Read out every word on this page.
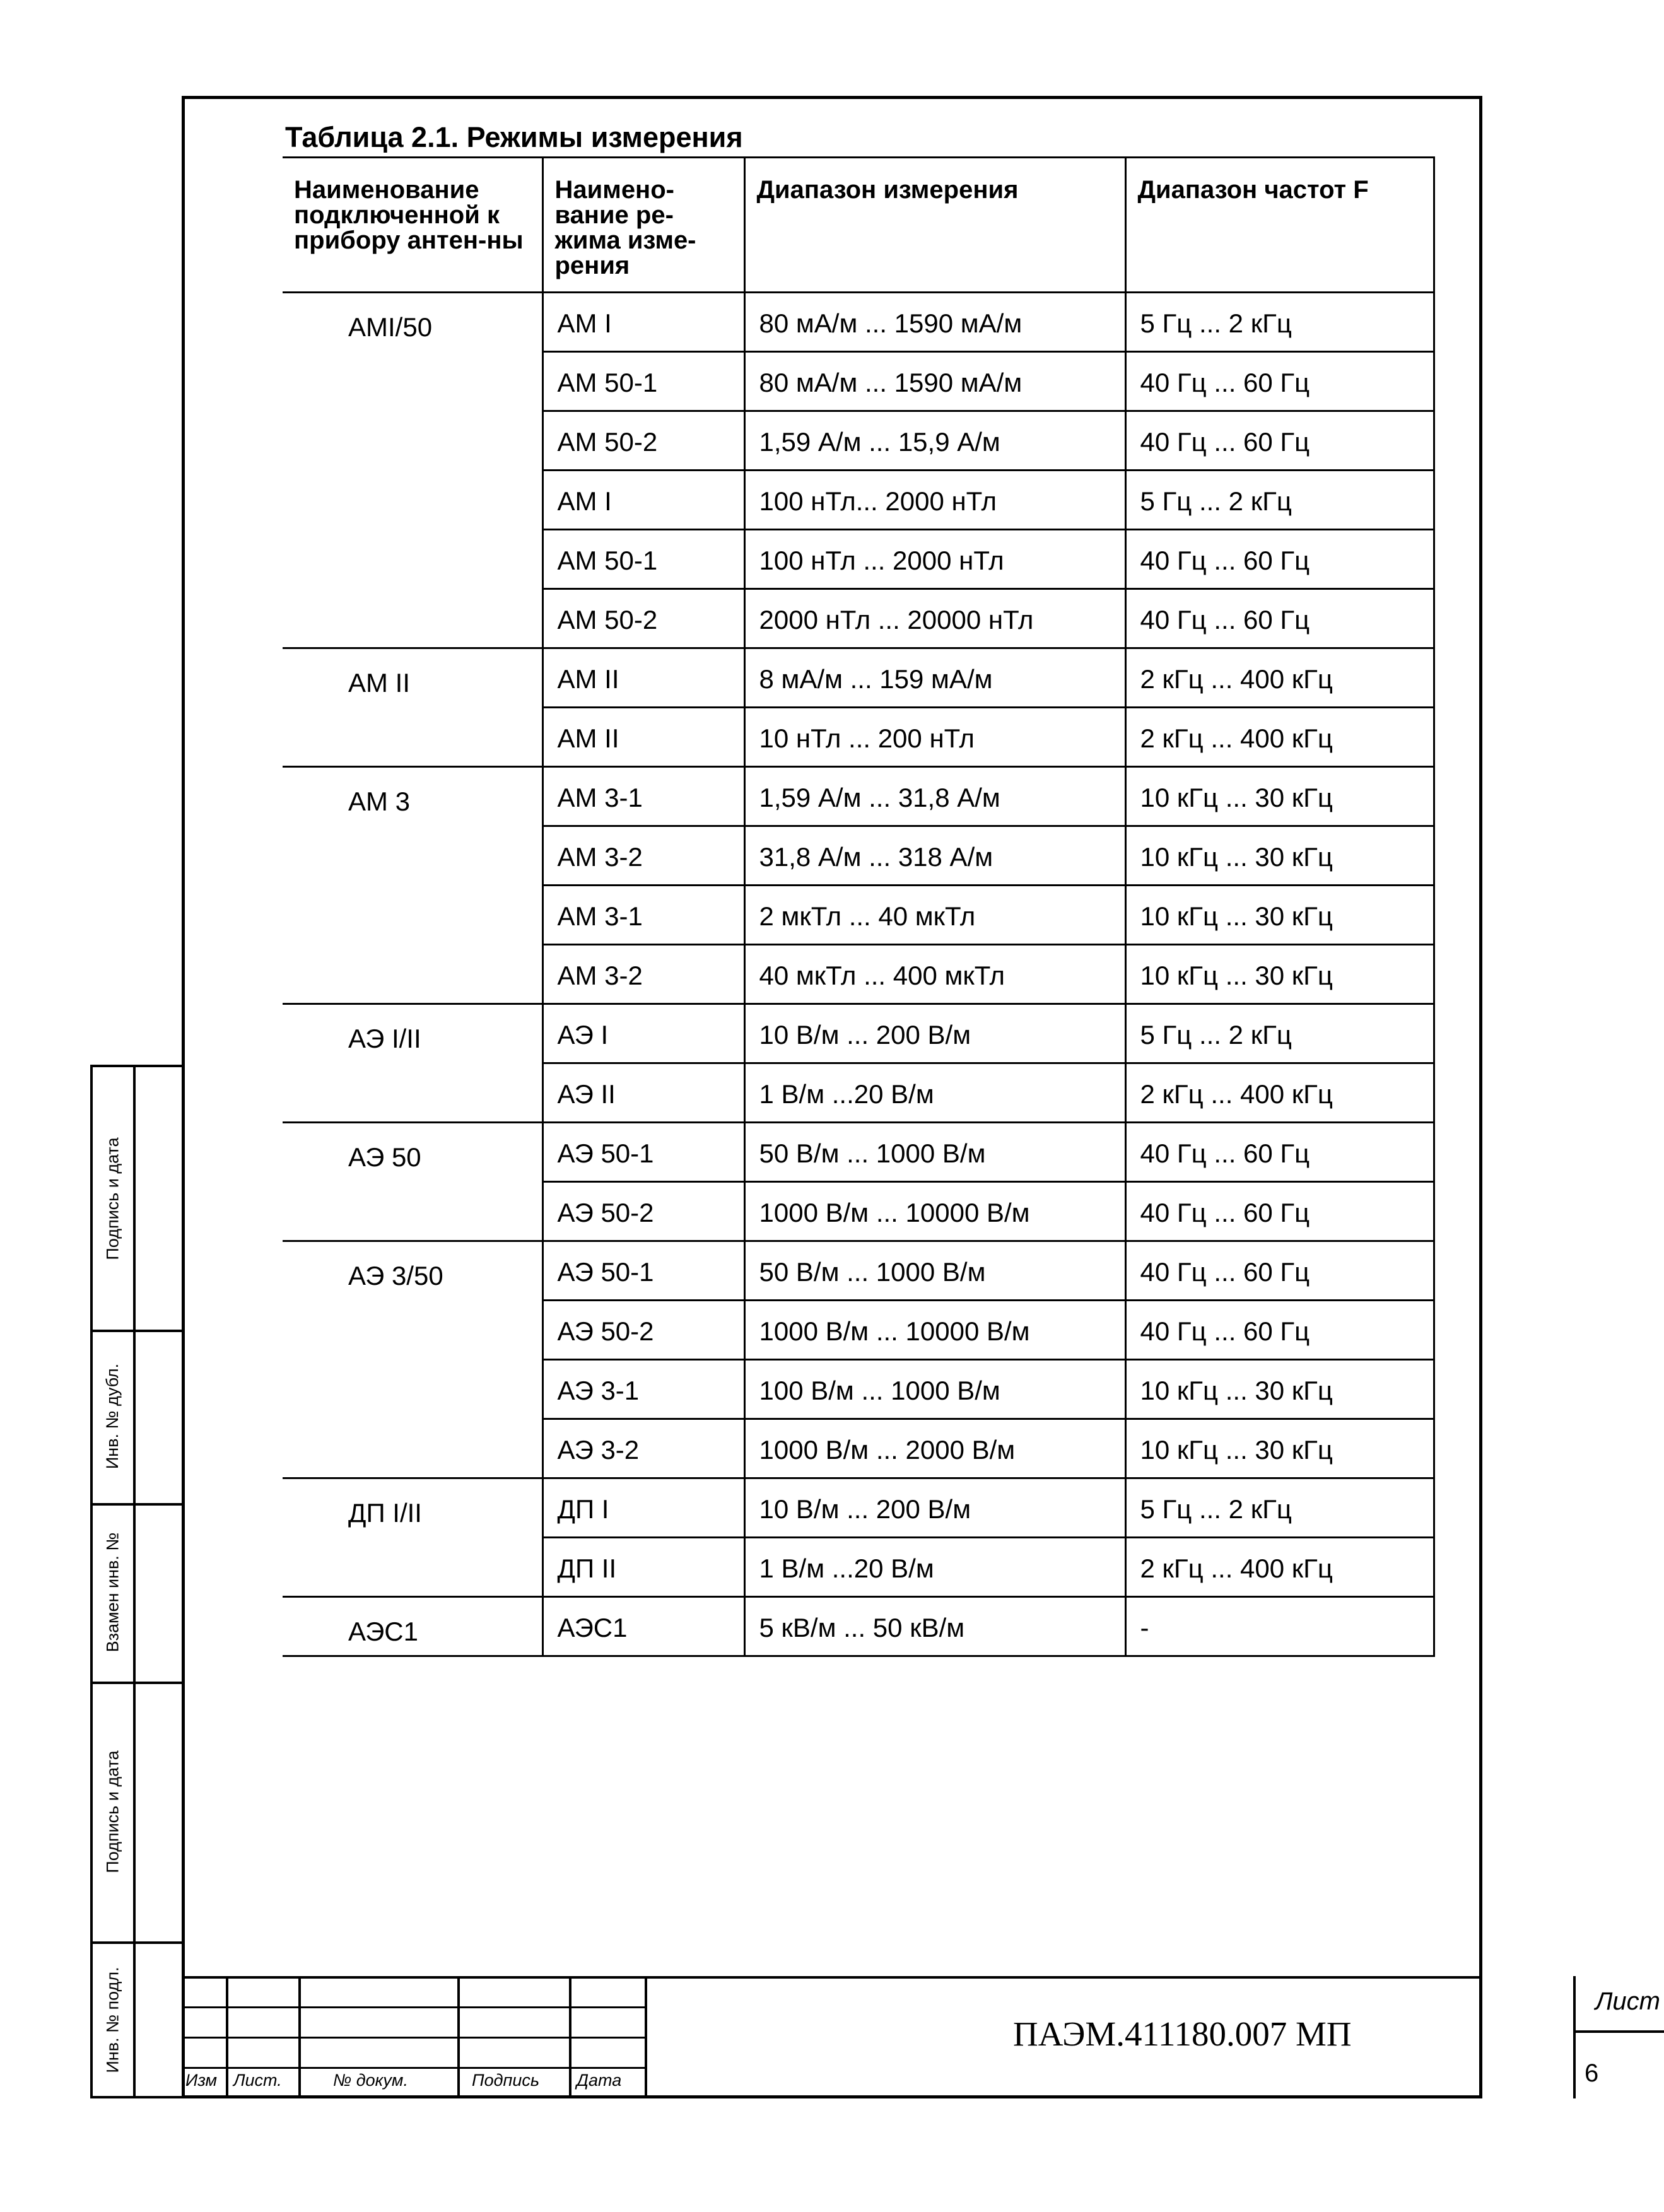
Подпись и дата
Инв. № дубл.
Взамен инв. №
Подпись и дата
Инв. № подл.
Таблица 2.1. Режимы измерения
Наименование подключенной к прибору антен-ны	Наимено-вание ре-жима изме-рения	Диапазон измерения	Диапазон частот F
AMI/50	AM I	80 мА/м ... 1590 мА/м	5 Гц ... 2 кГц
	AM 50-1	80 мА/м ... 1590 мА/м	40 Гц ... 60 Гц
	AM 50-2	1,59 А/м ... 15,9 А/м	40 Гц ... 60 Гц
	AM I	100 нТл... 2000 нТл	5 Гц ... 2 кГц
	AM 50-1	100 нТл ... 2000 нТл	40 Гц ... 60 Гц
	AM 50-2	2000 нТл ... 20000 нТл	40 Гц ... 60 Гц
AM II	AM II	8 мА/м ... 159 мА/м	2 кГц ... 400 кГц
	AM II	10 нТл ... 200 нТл	2 кГц ... 400 кГц
AM 3	AM 3-1	1,59 А/м ... 31,8 А/м	10 кГц ... 30 кГц
	AM 3-2	31,8 А/м ... 318 А/м	10 кГц ... 30 кГц
	AM 3-1	2 мкТл ... 40 мкТл	10 кГц ... 30 кГц
	AM 3-2	40 мкТл ... 400 мкТл	10 кГц ... 30 кГц
АЭ I/II	АЭ I	10 В/м ... 200 В/м	5 Гц ... 2 кГц
	АЭ II	1 В/м ...20 В/м	2 кГц ... 400 кГц
АЭ 50	АЭ 50-1	50 В/м ... 1000 В/м	40 Гц ... 60 Гц
	АЭ 50-2	1000 В/м ... 10000 В/м	40 Гц ... 60 Гц
АЭ 3/50	АЭ 50-1	50 В/м ... 1000 В/м	40 Гц ... 60 Гц
	АЭ 50-2	1000 В/м ... 10000 В/м	40 Гц ... 60 Гц
	АЭ 3-1	100 В/м ... 1000 В/м	10 кГц ... 30 кГц
	АЭ 3-2	1000 В/м ... 2000 В/м	10 кГц ... 30 кГц
ДП I/II	ДП I	10 В/м ... 200 В/м	5 Гц ... 2 кГц
	ДП II	1 В/м ...20 В/м	2 кГц ... 400 кГц
АЭС1	АЭС1	5 кВ/м ... 50 кВ/м	-
Изм Лист.	№ докум.	Подпись Дата
ПАЭМ.411180.007 МП
Лист
6
